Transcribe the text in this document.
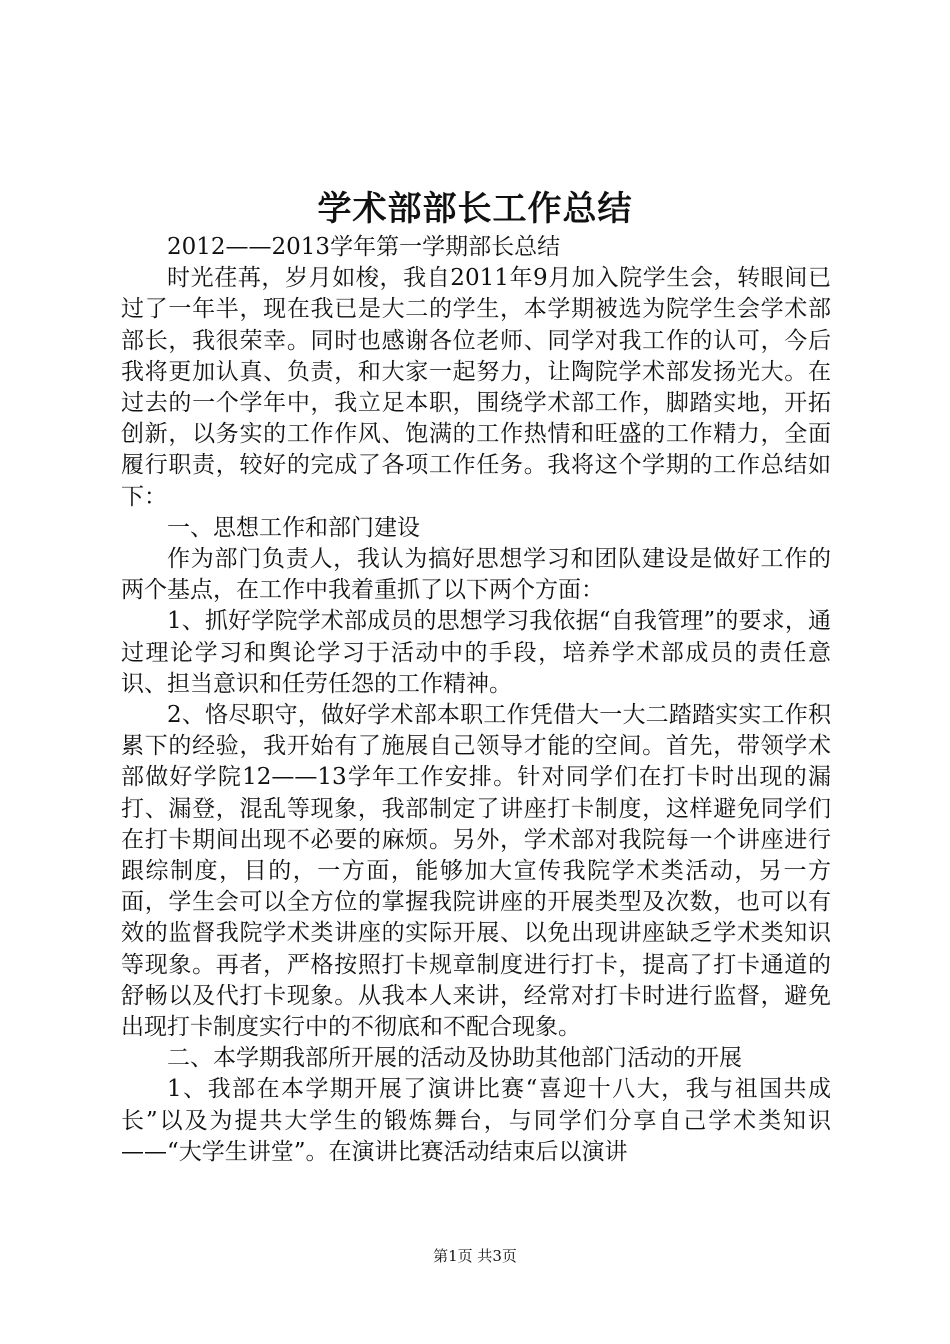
学术部部长工作总结

2012——2013学年第一学期部长总结

时光荏苒，岁月如梭，我自2011年9月加入院学生会，转眼间已过了一年半，现在我已是大二的学生，本学期被选为院学生会学术部部长，我很荣幸。同时也感谢各位老师、同学对我工作的认可，今后我将更加认真、负责，和大家一起努力，让陶院学术部发扬光大。在过去的一个学年中，我立足本职，围绕学术部工作，脚踏实地，开拓创新，以务实的工作作风、饱满的工作热情和旺盛的工作精力，全面履行职责，较好的完成了各项工作任务。我将这个学期的工作总结如下：

一、思想工作和部门建设

作为部门负责人，我认为搞好思想学习和团队建设是做好工作的两个基点，在工作中我着重抓了以下两个方面：

1、抓好学院学术部成员的思想学习我依据“自我管理”的要求，通过理论学习和舆论学习于活动中的手段，培养学术部成员的责任意识、担当意识和任劳任怨的工作精神。

2、恪尽职守，做好学术部本职工作凭借大一大二踏踏实实工作积累下的经验，我开始有了施展自己领导才能的空间。首先，带领学术部做好学院12——13学年工作安排。针对同学们在打卡时出现的漏打、漏登，混乱等现象，我部制定了讲座打卡制度，这样避免同学们在打卡期间出现不必要的麻烦。另外，学术部对我院每一个讲座进行跟综制度，目的，一方面，能够加大宣传我院学术类活动，另一方面，学生会可以全方位的掌握我院讲座的开展类型及次数，也可以有效的监督我院学术类讲座的实际开展、以免出现讲座缺乏学术类知识等现象。再者，严格按照打卡规章制度进行打卡，提高了打卡通道的舒畅以及代打卡现象。从我本人来讲，经常对打卡时进行监督，避免出现打卡制度实行中的不彻底和不配合现象。

二、本学期我部所开展的活动及协助其他部门活动的开展

1、我部在本学期开展了演讲比赛“喜迎十八大，我与祖国共成长”以及为提共大学生的锻炼舞台，与同学们分享自己学术类知识——“大学生讲堂”。在演讲比赛活动结束后以演讲

第1页 共3页
